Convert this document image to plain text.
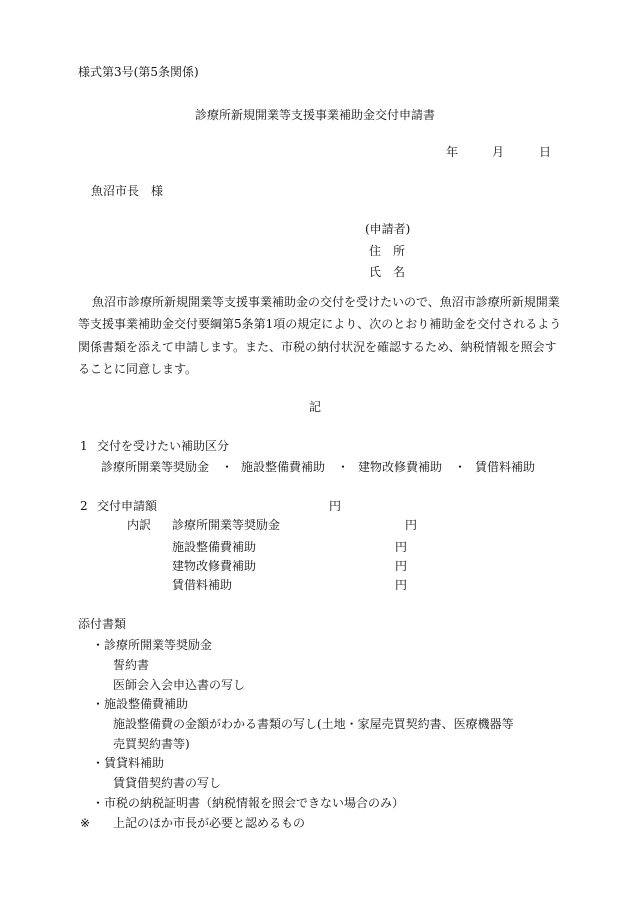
様式第3号(第5条関係)
診療所新規開業等支援事業補助金交付申請書
年	月	日
魚沼市長　様
(申請者)
住　所
氏　名
魚沼市診療所新規開業等支援事業補助金の交付を受けたいので、魚沼市診療所新規開業
等支援事業補助金交付要綱第5条第1項の規定により、次のとおり補助金を交付されるよう
関係書類を添えて申請します。また、市税の納付状況を確認するため、納税情報を照会す
ることに同意します。
記
1 交付を受けたい補助区分
診療所開業等奨励金 ・ 施設整備費補助 ・ 建物改修費補助 ・ 賃借料補助
2 交付申請額	円
内訳 診療所開業等奨励金	円
施設整備費補助	円
建物改修費補助	円
賃借料補助	円
添付書類
・診療所開業等奨励金
誓約書
医師会入会申込書の写し
・施設整備費補助
施設整備費の金額がわかる書類の写し(土地・家屋売買契約書、医療機器等
売買契約書等)
・賃貸料補助
賃貸借契約書の写し
・市税の納税証明書（納税情報を照会できない場合のみ）
※ 上記のほか市長が必要と認めるもの
